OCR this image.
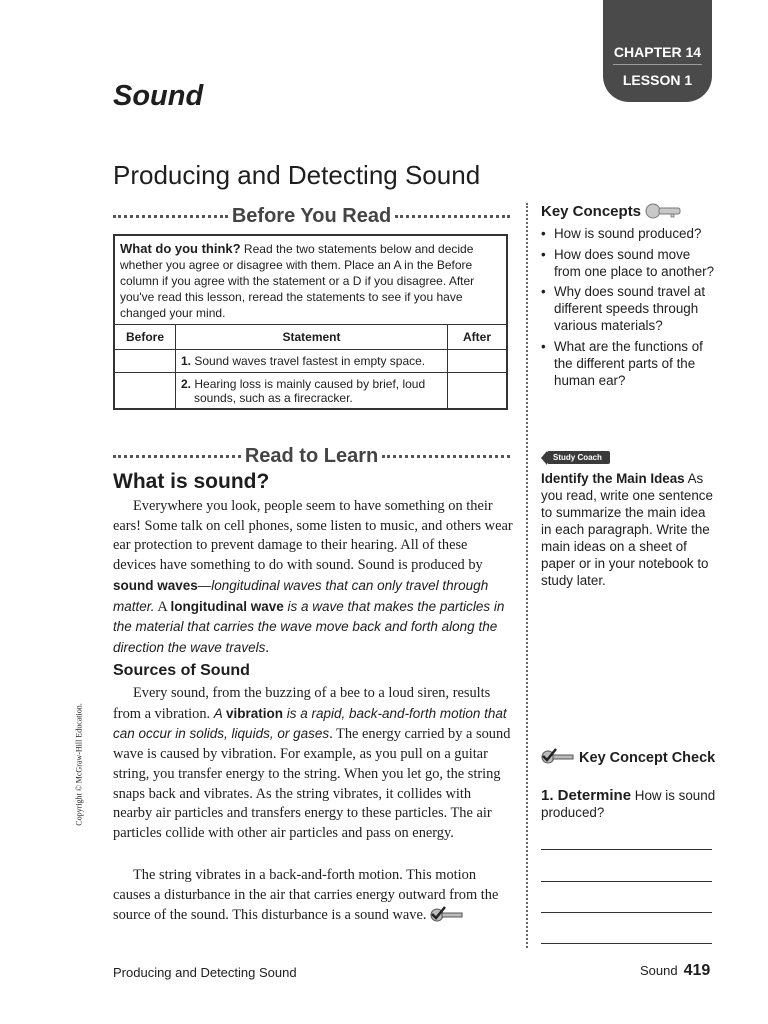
CHAPTER 14
LESSON 1
Sound
Producing and Detecting Sound
Before You Read
What do you think? Read the two statements below and decide whether you agree or disagree with them. Place an A in the Before column if you agree with the statement or a D if you disagree. After you've read this lesson, reread the statements to see if you have changed your mind.
Before	Statement	After
	1. Sound waves travel fastest in empty space.	
	2. Hearing loss is mainly caused by brief, loud sounds, such as a firecracker.	
Read to Learn
What is sound?

Everywhere you look, people seem to have something on their ears! Some talk on cell phones, some listen to music, and others wear ear protection to prevent damage to their hearing. All of these devices have something to do with sound. Sound is produced by sound waves—longitudinal waves that can only travel through matter. A longitudinal wave is a wave that makes the particles in the material that carries the wave move back and forth along the direction the wave travels.

Sources of Sound

Every sound, from the buzzing of a bee to a loud siren, results from a vibration. A vibration is a rapid, back-and-forth motion that can occur in solids, liquids, or gases. The energy carried by a sound wave is caused by vibration. For example, as you pull on a guitar string, you transfer energy to the string. When you let go, the string snaps back and vibrates. As the string vibrates, it collides with nearby air particles and transfers energy to these particles. The air particles collide with other air particles and pass on energy.

The string vibrates in a back-and-forth motion. This motion causes a disturbance in the air that carries energy outward from the source of the sound. This disturbance is a sound wave.

Key Concepts
• How is sound produced?
• How does sound move from one place to another?
• Why does sound travel at different speeds through various materials?
• What are the functions of the different parts of the human ear?
Study Coach
Identify the Main Ideas As you read, write one sentence to summarize the main idea in each paragraph. Write the main ideas on a sheet of paper or in your notebook to study later.
Key Concept Check
1. Determine How is sound produced?
Producing and Detecting Sound	Sound 419
Copyright © McGraw-Hill Education.
